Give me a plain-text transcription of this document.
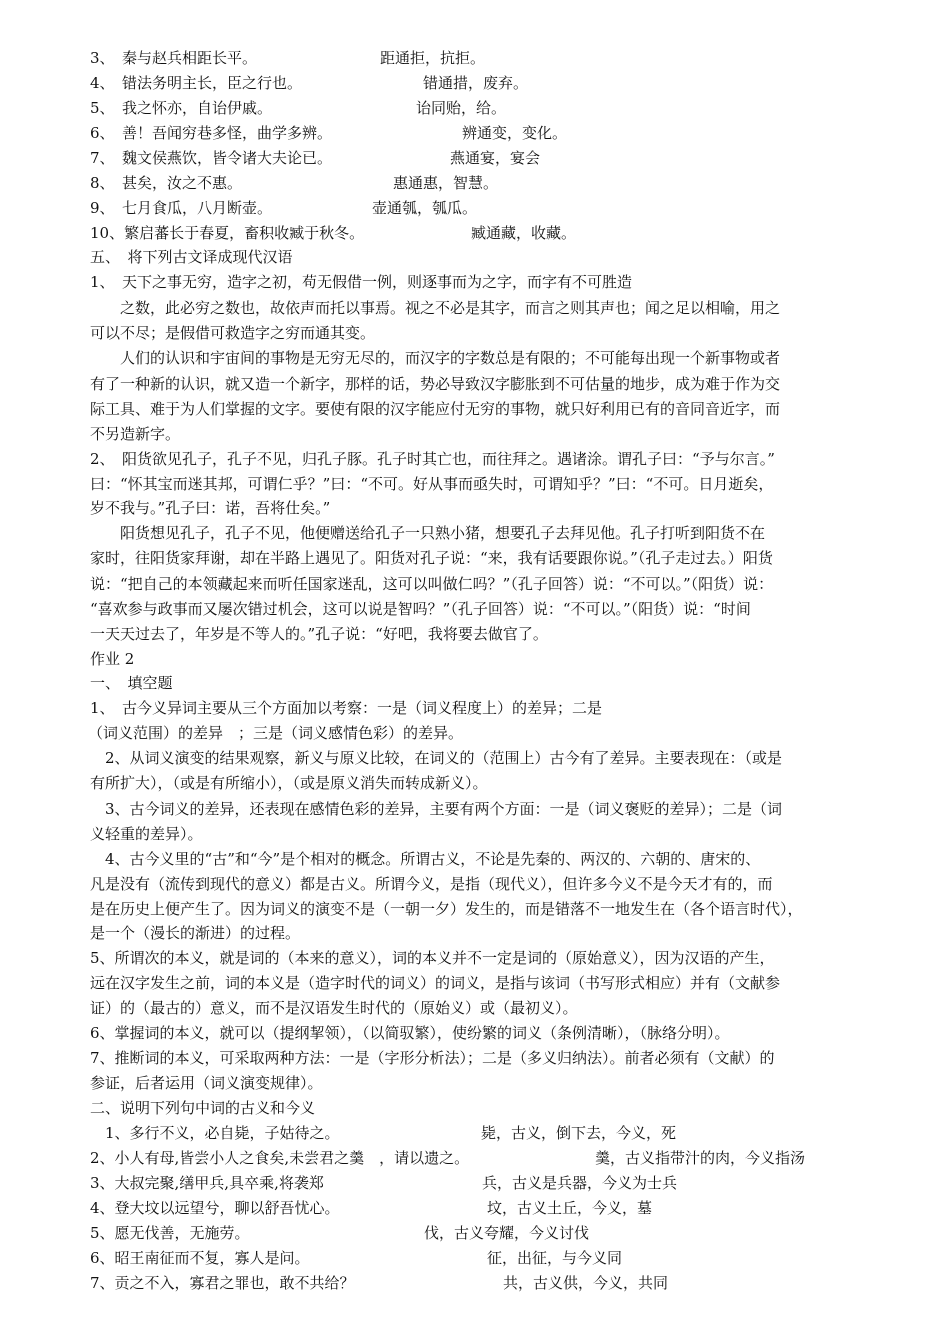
3、　秦与赵兵相距长平。	距通拒，抗拒。
4、　错法务明主长，臣之行也。	错通措，废弃。
5、　我之怀亦，自诒伊戚。	诒同贻，给。
6、　善！吾闻穷巷多怪，曲学多辨。	辨通变，变化。
7、　魏文侯燕饮，皆令诸大夫论已。	燕通宴，宴会
8、　甚矣，汝之不惠。	惠通惠，智慧。
9、　七月食瓜，八月断壶。	壶通瓠，瓠瓜。
10、繁启蕃长于春夏，畜积收臧于秋冬。	臧通藏，收藏。
五、　将下列古文译成现代汉语
1、　天下之事无穷，造字之初，苟无假借一例，则逐事而为之字，而字有不可胜造
　　之数，此必穷之数也，故依声而托以事焉。视之不必是其字，而言之则其声也；闻之足以相喻，用之
可以不尽；是假借可救造字之穷而通其变。
　　人们的认识和宇宙间的事物是无穷无尽的，而汉字的字数总是有限的；不可能每出现一个新事物或者
有了一种新的认识，就又造一个新字，那样的话，势必导致汉字膨胀到不可估量的地步，成为难于作为交
际工具、难于为人们掌握的文字。要使有限的汉字能应付无穷的事物，就只好利用已有的音同音近字，而
不另造新字。
2、　阳货欲见孔子，孔子不见，归孔子豚。孔子时其亡也，而往拜之。遇诸涂。谓孔子曰：“予与尔言。”
曰：“怀其宝而迷其邦，可谓仁乎？”曰：“不可。好从事而亟失时，可谓知乎？”曰：“不可。日月逝矣，
岁不我与。”孔子曰：诺，吾将仕矣。”
　　阳货想见孔子，孔子不见，他便赠送给孔子一只熟小猪，想要孔子去拜见他。孔子打听到阳货不在
家时，往阳货家拜谢，却在半路上遇见了。阳货对孔子说：“来，我有话要跟你说。”（孔子走过去。）阳货
说：“把自己的本领藏起来而听任国家迷乱，这可以叫做仁吗？”（孔子回答）说：“不可以。”（阳货）说：
“喜欢参与政事而又屡次错过机会，这可以说是智吗？”（孔子回答）说：“不可以。”（阳货）说：“时间
一天天过去了，年岁是不等人的。”孔子说：“好吧，我将要去做官了。
作业 2
一、　填空题
1、　古今义异词主要从三个方面加以考察：一是（词义程度上）的差异；二是
（词义范围）的差异　；三是（词义感情色彩）的差异。
　2、从词义演变的结果观察，新义与原义比较，在词义的（范围上）古今有了差异。主要表现在：（或是
有所扩大），（或是有所缩小），（或是原义消失而转成新义）。
　3、古今词义的差异，还表现在感情色彩的差异，主要有两个方面：一是（词义褒贬的差异）；二是（词
义轻重的差异）。
　4、古今义里的“古”和“今”是个相对的概念。所谓古义，不论是先秦的、两汉的、六朝的、唐宋的、
凡是没有（流传到现代的意义）都是古义。所谓今义，是指（现代义），但许多今义不是今天才有的，而
是在历史上便产生了。因为词义的演变不是（一朝一夕）发生的，而是错落不一地发生在（各个语言时代），
是一个（漫长的渐进）的过程。
5、所谓次的本义，就是词的（本来的意义），词的本义并不一定是词的（原始意义），因为汉语的产生，
远在汉字发生之前，词的本义是（造字时代的词义）的词义，是指与该词（书写形式相应）并有（文献参
证）的（最古的）意义，而不是汉语发生时代的（原始义）或（最初义）。
6、掌握词的本义，就可以（提纲挈领），（以简驭繁），使纷繁的词义（条例清晰），（脉络分明）。
7、推断词的本义，可采取两种方法：一是（字形分析法）；二是（多义归纳法）。前者必须有（文献）的
参证，后者运用（词义演变规律）。
二、说明下列句中词的古义和今义
　1、多行不义，必自毙，子姑待之。	毙，古义，倒下去，今义，死
2、小人有母,皆尝小人之食矣,未尝君之羹　，请以遗之。	羹，古义指带汁的肉，今义指汤
3、大叔完聚,缮甲兵,具卒乘,将袭郑	兵，古义是兵器，今义为士兵
4、登大坟以远望兮，聊以舒吾忧心。	坟，古义土丘，今义，墓
5、愿无伐善，无施劳。	伐，古义夸耀，今义讨伐
6、昭王南征而不复，寡人是问。	征，出征，与今义同
7、贡之不入，寡君之罪也，敢不共给？	共，古义供，今义，共同
